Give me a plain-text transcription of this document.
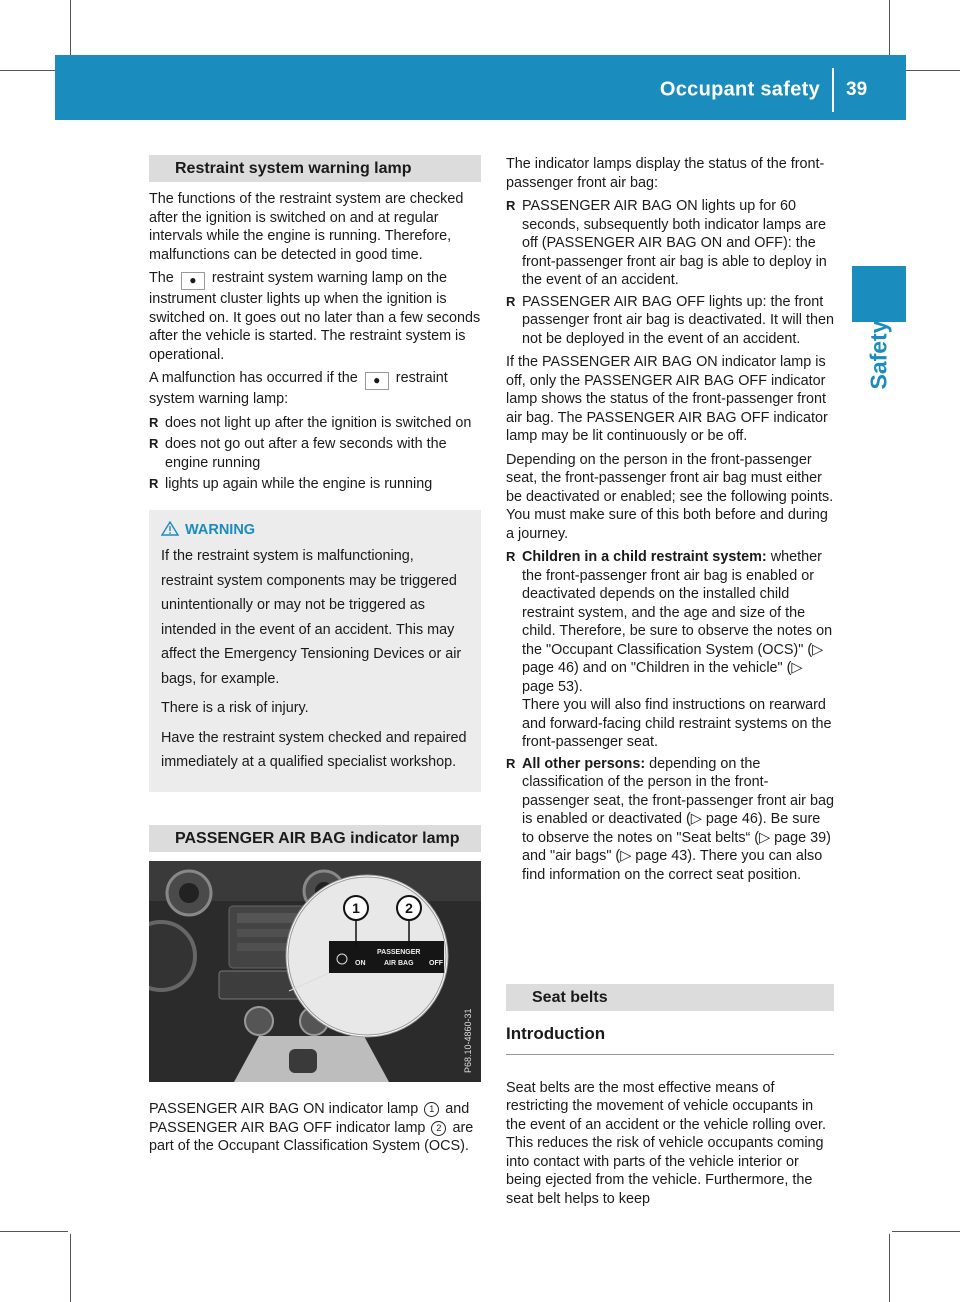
Occupant safety 39
Safety
Restraint system warning lamp

The functions of the restraint system are checked after the ignition is switched on and at regular intervals while the engine is running. Therefore, malfunctions can be detected in good time.

The ● restraint system warning lamp on the instrument cluster lights up when the ignition is switched on. It goes out no later than a few seconds after the vehicle is started. The restraint system is operational.

A malfunction has occurred if the ● restraint system warning lamp:

R does not light up after the ignition is switched on
R does not go out after a few seconds with the engine running
R lights up again while the engine is running
WARNING

If the restraint system is malfunctioning, restraint system components may be triggered unintentionally or may not be triggered as intended in the event of an accident. This may affect the Emergency Tensioning Devices or air bags, for example.

There is a risk of injury.

Have the restraint system checked and repaired immediately at a qualified specialist workshop.

PASSENGER AIR BAG indicator lamp
1	2
ON
PASSENGER
AIR BAG OFF
P68.10-4860-31
PASSENGER AIR BAG ON indicator lamp 1 and PASSENGER AIR BAG OFF indicator lamp 2 are part of the Occupant Classification System (OCS).

The indicator lamps display the status of the front-passenger front air bag:

R PASSENGER AIR BAG ON lights up for 60 seconds, subsequently both indicator lamps are off (PASSENGER AIR BAG ON and OFF): the front-passenger front air bag is able to deploy in the event of an accident.
R PASSENGER AIR BAG OFF lights up: the front passenger front air bag is deactivated. It will then not be deployed in the event of an accident.

If the PASSENGER AIR BAG ON indicator lamp is off, only the PASSENGER AIR BAG OFF indicator lamp shows the status of the front-passenger front air bag. The PASSENGER AIR BAG OFF indicator lamp may be lit continuously or be off.

Depending on the person in the front-passenger seat, the front-passenger front air bag must either be deactivated or enabled; see the following points. You must make sure of this both before and during a journey.

R Children in a child restraint system: whether the front-passenger front air bag is enabled or deactivated depends on the installed child restraint system, and the age and size of the child. Therefore, be sure to observe the notes on the "Occupant Classification System (OCS)" (▷ page 46) and on "Children in the vehicle" (▷ page 53).
There you will also find instructions on rearward and forward-facing child restraint systems on the front-passenger seat.
R All other persons: depending on the classification of the person in the front-passenger seat, the front-passenger front air bag is enabled or deactivated (▷ page 46). Be sure to observe the notes on "Seat belts“ (▷ page 39) and "air bags" (▷ page 43). There you can also find information on the correct seat position.
Seat belts
Introduction

Seat belts are the most effective means of restricting the movement of vehicle occupants in the event of an accident or the vehicle rolling over. This reduces the risk of vehicle occupants coming into contact with parts of the vehicle interior or being ejected from the vehicle. Furthermore, the seat belt helps to keep
